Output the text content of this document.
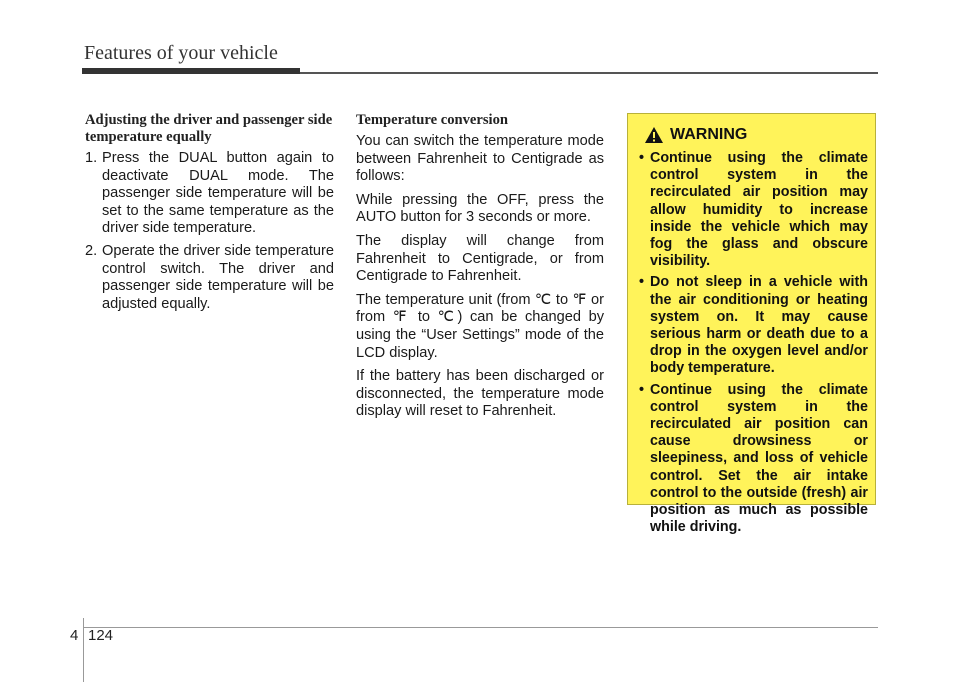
Features of your vehicle
Adjusting the driver and passenger side temperature equally
1. Press the DUAL button again to deactivate DUAL mode. The passenger side temperature will be set to the same temperature as the driver side temperature.
2. Operate the driver side temperature control switch. The driver and passenger side temperature will be adjusted equally.
Temperature conversion

You can switch the temperature mode between Fahrenheit to Centigrade as follows:

While pressing the OFF, press the AUTO button for 3 seconds or more.

The display will change from Fahrenheit to Centigrade, or from Centigrade to Fahrenheit.

The temperature unit (from ℃ to ℉ or from ℉ to ℃) can be changed by using the “User Settings” mode of the LCD display.

If the battery has been discharged or disconnected, the temperature mode display will reset to Fahrenheit.

WARNING
• Continue using the climate control system in the recirculated air position may allow humidity to increase inside the vehicle which may fog the glass and obscure visibility.
• Do not sleep in a vehicle with the air conditioning or heating system on. It may cause serious harm or death due to a drop in the oxygen level and/or body temperature.
• Continue using the climate control system in the recirculated air position can cause drowsiness or sleepiness, and loss of vehicle control. Set the air intake control to the outside (fresh) air position as much as possible while driving.
4 124
